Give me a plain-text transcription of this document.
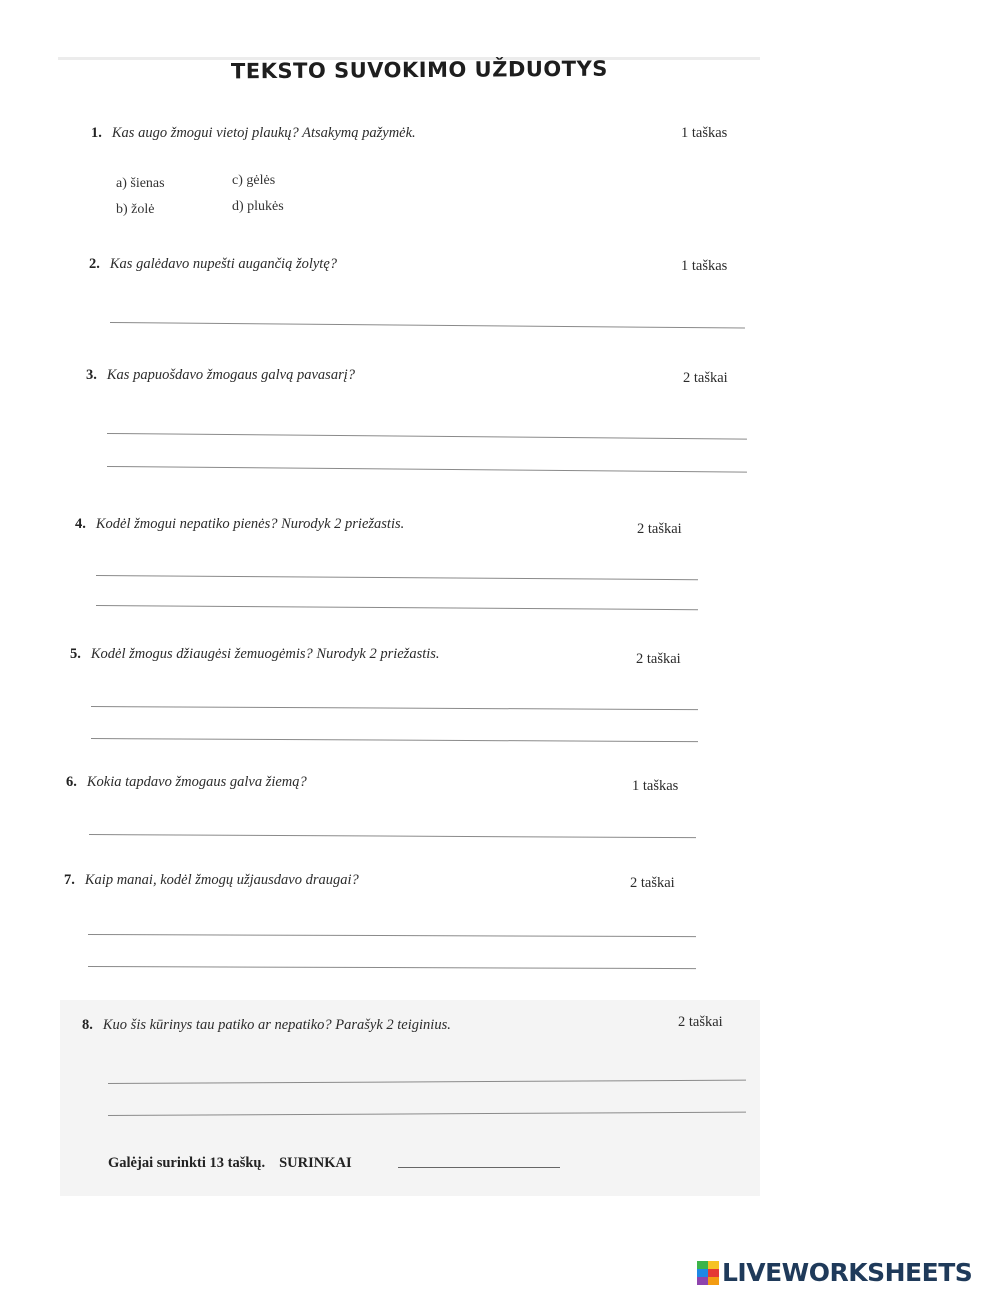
TEKSTO SUVOKIMO UŽDUOTYS
1. Kas augo žmogui vietoj plaukų? Atsakymą pažymėk.	1 taškas
a) šienas
b) žolė
c) gėlės
d) plukės
2. Kas galėdavo nupešti augančią žolytę?	1 taškas
3. Kas papuošdavo žmogaus galvą pavasarį?	2 taškai
4. Kodėl žmogui nepatiko pienės? Nurodyk 2 priežastis.	2 taškai
5. Kodėl žmogus džiaugėsi žemuogėmis? Nurodyk 2 priežastis.	2 taškai
6. Kokia tapdavo žmogaus galva žiemą?	1 taškas
7. Kaip manai, kodėl žmogų užjausdavo draugai?	2 taškai
8. Kuo šis kūrinys tau patiko ar nepatiko? Parašyk 2 teiginius.	2 taškai
Galėjai surinkti 13 taškų. SURINKAI
LIVEWORKSHEETS
